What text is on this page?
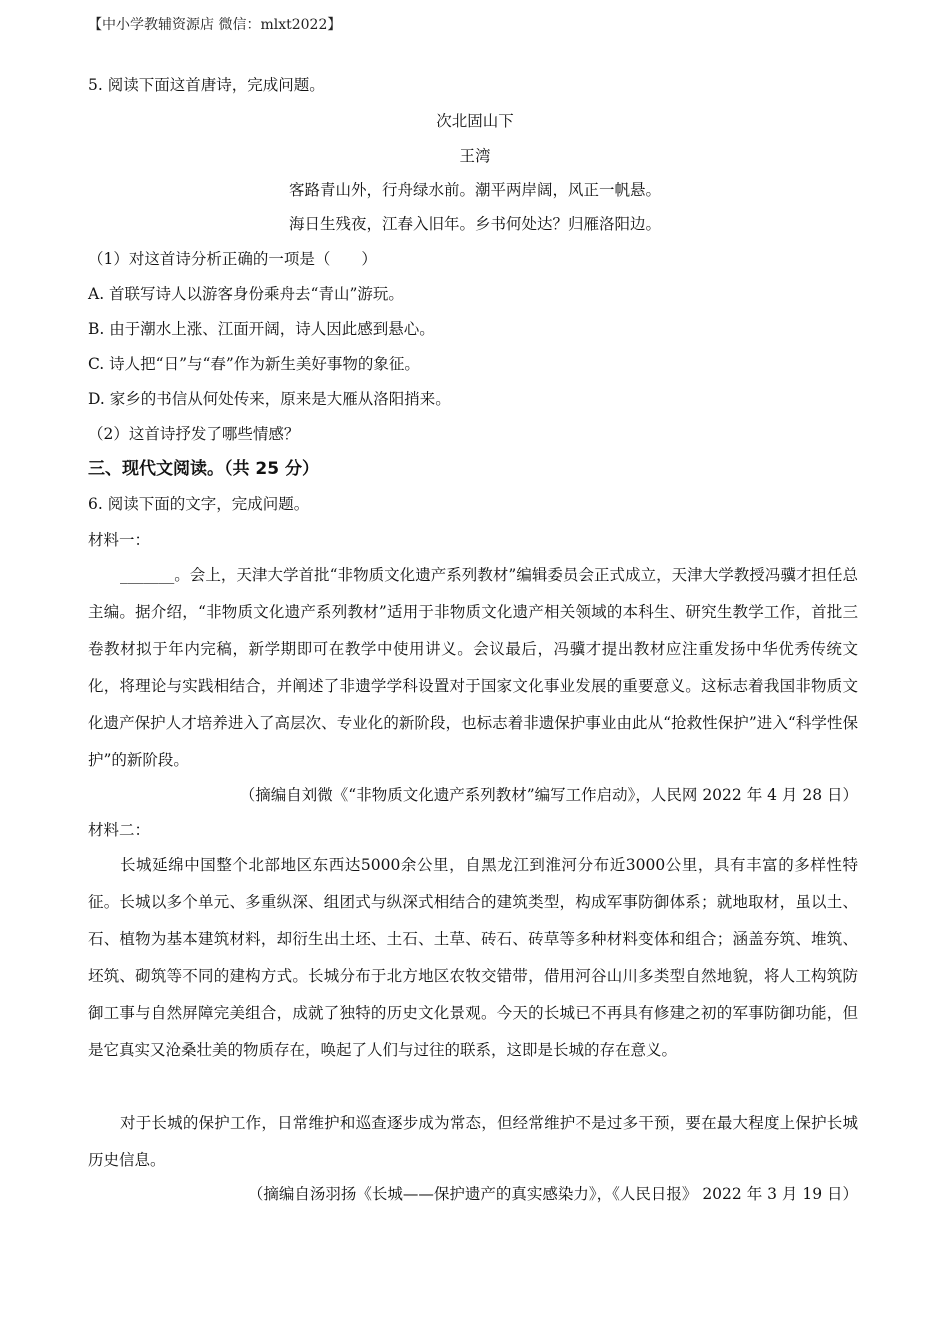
【中小学教辅资源店 微信：mlxt2022】
5. 阅读下面这首唐诗，完成问题。
次北固山下
王湾
客路青山外，行舟绿水前。潮平两岸阔，风正一帆悬。
海日生残夜，江春入旧年。乡书何处达？归雁洛阳边。
（1）对这首诗分析正确的一项是（　　）
A. 首联写诗人以游客身份乘舟去“青山”游玩。
B. 由于潮水上涨、江面开阔，诗人因此感到悬心。
C. 诗人把“日”与“春”作为新生美好事物的象征。
D. 家乡的书信从何处传来，原来是大雁从洛阳捎来。
（2）这首诗抒发了哪些情感？
三、现代文阅读。（共 25 分）
6. 阅读下面的文字，完成问题。
材料一：
_______。会上，天津大学首批“非物质文化遗产系列教材”编辑委员会正式成立，天津大学教授冯骥才担任总主编。据介绍，“非物质文化遗产系列教材”适用于非物质文化遗产相关领域的本科生、研究生教学工作，首批三卷教材拟于年内完稿，新学期即可在教学中使用讲义。会议最后，冯骥才提出教材应注重发扬中华优秀传统文化，将理论与实践相结合，并阐述了非遗学学科设置对于国家文化事业发展的重要意义。这标志着我国非物质文化遗产保护人才培养进入了高层次、专业化的新阶段，也标志着非遗保护事业由此从“抢救性保护”进入“科学性保护”的新阶段。
（摘编自刘微《“非物质文化遗产系列教材”编写工作启动》，人民网 2022 年 4 月 28 日）
材料二：
长城延绵中国整个北部地区东西达5000余公里，自黑龙江到淮河分布近3000公里，具有丰富的多样性特征。长城以多个单元、多重纵深、组团式与纵深式相结合的建筑类型，构成军事防御体系；就地取材，虽以土、石、植物为基本建筑材料，却衍生出土坯、土石、土草、砖石、砖草等多种材料变体和组合；涵盖夯筑、堆筑、坯筑、砌筑等不同的建构方式。长城分布于北方地区农牧交错带，借用河谷山川多类型自然地貌，将人工构筑防御工事与自然屏障完美组合，成就了独特的历史文化景观。今天的长城已不再具有修建之初的军事防御功能，但是它真实又沧桑壮美的物质存在，唤起了人们与过往的联系，这即是长城的存在意义。
对于长城的保护工作，日常维护和巡查逐步成为常态，但经常维护不是过多干预，要在最大程度上保护长城历史信息。
（摘编自汤羽扬《长城——保护遗产的真实感染力》，《人民日报》 2022 年 3 月 19 日）
